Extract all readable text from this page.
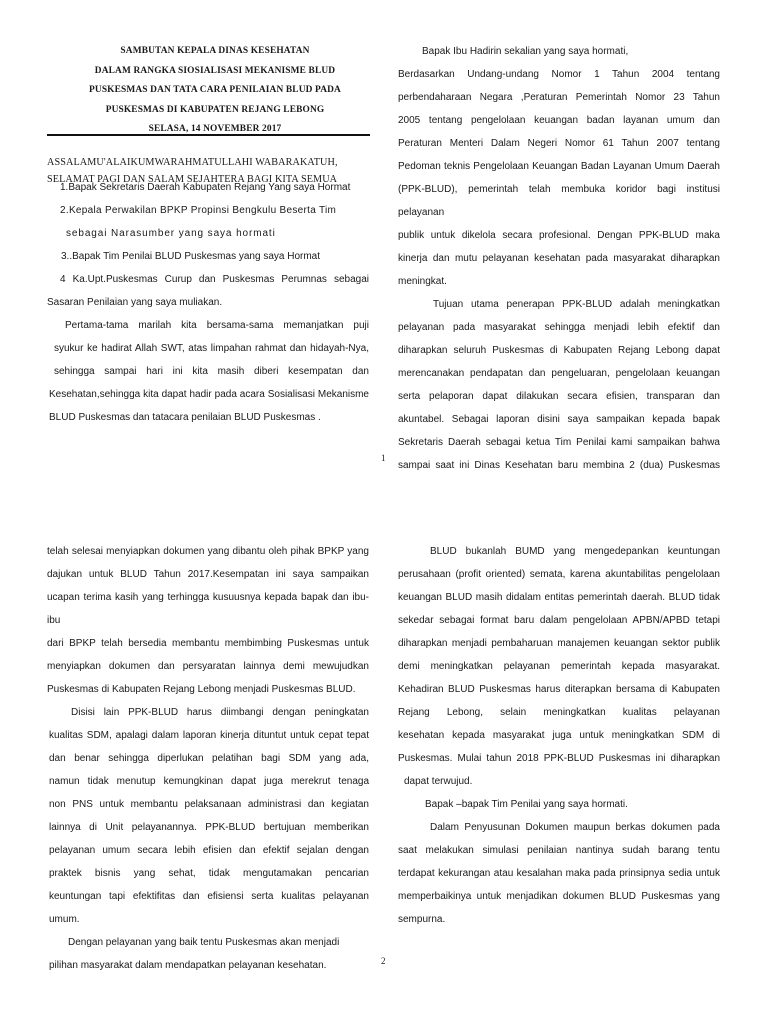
SAMBUTAN KEPALA DINAS KESEHATAN
DALAM RANGKA SIOSIALISASI MEKANISME BLUD
PUSKESMAS DAN TATA CARA PENILAIAN BLUD PADA
PUSKESMAS DI KABUPATEN REJANG LEBONG
SELASA, 14 NOVEMBER 2017

ASSALAMU'ALAIKUMWARAHMATULLAHI WABARAKATUH,

SELAMAT PAGI DAN SALAM SEJAHTERA BAGI KITA SEMUA

1.Bapak Sekretaris Daerah Kabupaten Rejang Yang saya Hormat

2.Kepala Perwakilan BPKP Propinsi Bengkulu Beserta Tim

sebagai Narasumber yang saya hormati

3..Bapak Tim Penilai BLUD Puskesmas yang saya Hormat

4 Ka.Upt.Puskesmas Curup dan Puskesmas Perumnas sebagai

Sasaran Penilaian yang saya muliakan.

Pertama-tama marilah kita bersama-sama memanjatkan puji

syukur ke hadirat Allah SWT, atas limpahan rahmat dan hidayah-Nya,

sehingga sampai hari ini kita masih diberi kesempatan dan

Kesehatan,sehingga kita dapat hadir pada acara Sosialisasi Mekanisme

BLUD Puskesmas dan tatacara penilaian BLUD Puskesmas .

Bapak Ibu Hadirin sekalian yang saya hormati,

Berdasarkan Undang-undang Nomor 1 Tahun 2004 tentang

perbendaharaan Negara ,Peraturan Pemerintah Nomor 23 Tahun

2005 tentang pengelolaan keuangan badan layanan umum dan

Peraturan Menteri Dalam Negeri Nomor 61 Tahun 2007 tentang

Pedoman teknis Pengelolaan Keuangan Badan Layanan Umum Daerah

(PPK-BLUD), pemerintah telah membuka koridor bagi institusi pelayanan

publik untuk dikelola secara profesional. Dengan PPK-BLUD maka

kinerja dan mutu pelayanan kesehatan pada masyarakat diharapkan

meningkat.

Tujuan utama penerapan PPK-BLUD adalah meningkatkan

pelayanan pada masyarakat sehingga menjadi lebih efektif dan

diharapkan seluruh Puskesmas di Kabupaten Rejang Lebong dapat

merencanakan pendapatan dan pengeluaran, pengelolaan keuangan

serta pelaporan dapat dilakukan secara efisien, transparan dan

akuntabel. Sebagai laporan disini saya sampaikan kepada bapak

Sekretaris Daerah sebagai ketua Tim Penilai kami sampaikan bahwa

sampai saat ini Dinas Kesehatan baru membina 2 (dua) Puskesmas

1

telah selesai menyiapkan dokumen yang dibantu oleh pihak BPKP yang

dajukan untuk BLUD Tahun 2017.Kesempatan ini saya sampaikan

ucapan terima kasih yang terhingga kusuusnya kepada bapak dan ibu-ibu

dari BPKP telah bersedia membantu membimbing Puskesmas untuk

menyiapkan dokumen dan persyaratan lainnya demi mewujudkan

Puskesmas di Kabupaten Rejang Lebong menjadi Puskesmas BLUD.

Disisi lain PPK-BLUD harus diimbangi dengan peningkatan

kualitas SDM, apalagi dalam laporan kinerja dituntut untuk cepat tepat

dan benar sehingga diperlukan pelatihan bagi SDM yang ada,

namun tidak menutup kemungkinan dapat juga merekrut tenaga

non PNS untuk membantu pelaksanaan administrasi dan kegiatan

lainnya di Unit pelayanannya. PPK-BLUD bertujuan memberikan

pelayanan umum secara lebih efisien dan efektif sejalan dengan

praktek bisnis yang sehat, tidak mengutamakan pencarian

keuntungan tapi efektifitas dan efisiensi serta kualitas pelayanan

umum.

Dengan pelayanan yang baik tentu Puskesmas akan menjadi

pilihan masyarakat dalam mendapatkan pelayanan kesehatan.

BLUD bukanlah BUMD yang mengedepankan keuntungan

perusahaan (profit oriented) semata, karena akuntabilitas pengelolaan

keuangan BLUD masih didalam entitas pemerintah daerah. BLUD tidak

sekedar sebagai format baru dalam pengelolaan APBN/APBD tetapi

diharapkan menjadi pembaharuan manajemen keuangan sektor publik

demi meningkatkan pelayanan pemerintah kepada masyarakat.

Kehadiran BLUD Puskesmas harus diterapkan bersama di Kabupaten

Rejang Lebong, selain meningkatkan kualitas pelayanan

kesehatan kepada masyarakat juga untuk meningkatkan SDM di

Puskesmas. Mulai tahun 2018 PPK-BLUD Puskesmas ini diharapkan

dapat terwujud.

Bapak –bapak Tim Penilai yang saya hormati.

Dalam Penyusunan Dokumen maupun berkas dokumen pada

saat melakukan simulasi penilaian nantinya sudah barang tentu

terdapat kekurangan atau kesalahan maka pada prinsipnya sedia untuk

memperbaikinya untuk menjadikan dokumen BLUD Puskesmas yang

sempurna.

2
